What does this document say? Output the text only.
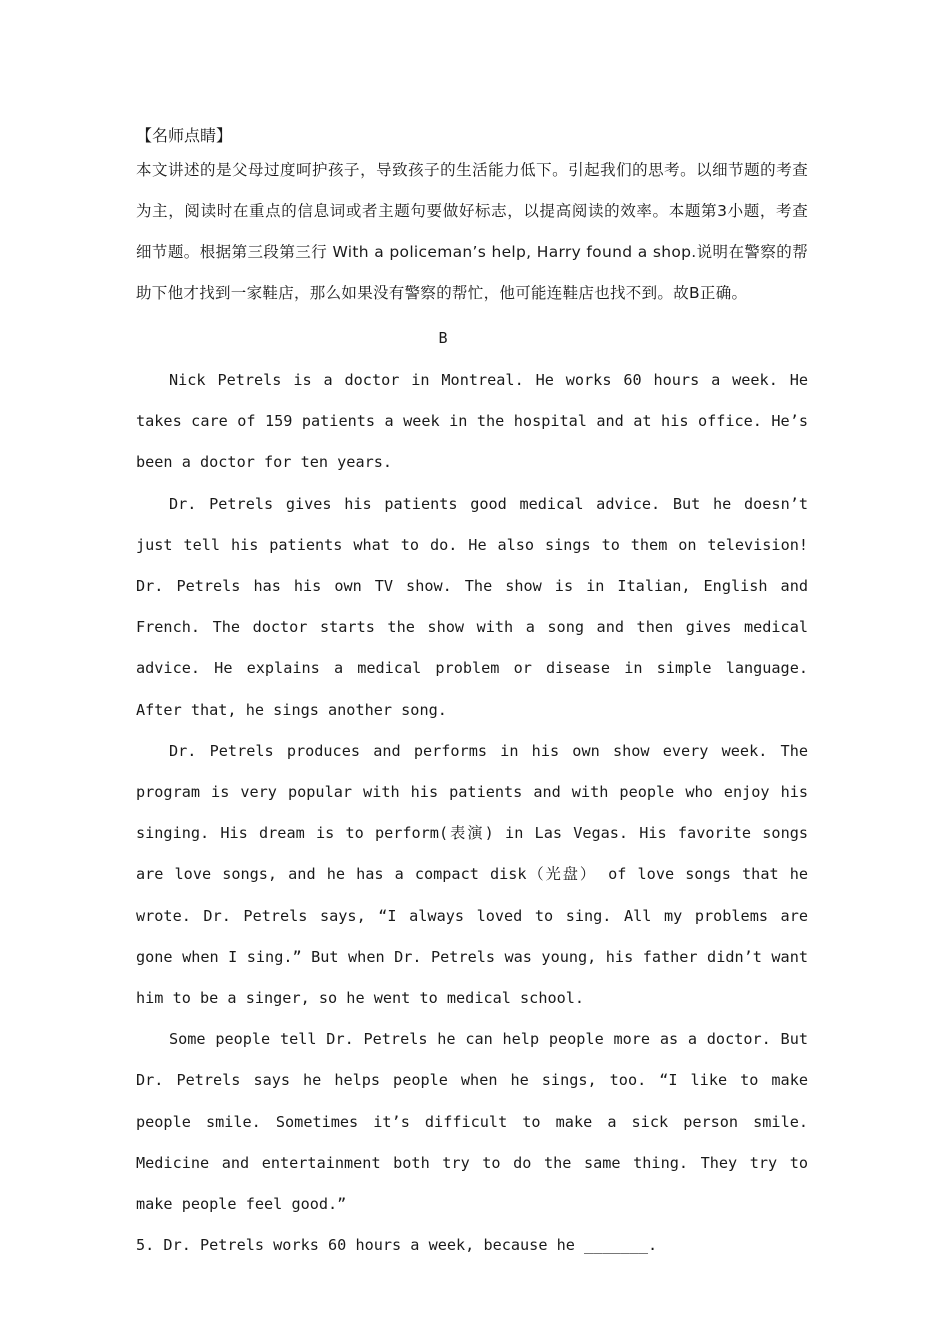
【名师点睛】

本文讲述的是父母过度呵护孩子，导致孩子的生活能力低下。引起我们的思考。以细节题的考查为主，阅读时在重点的信息词或者主题句要做好标志，以提高阅读的效率。本题第3小题，考查细节题。根据第三段第三行 With a policeman’s help, Harry found a shop.说明在警察的帮助下他才找到一家鞋店，那么如果没有警察的帮忙，他可能连鞋店也找不到。故B正确。

B

Nick Petrels is a doctor in Montreal. He works 60 hours a week. He takes care of 159 patients a week in the hospital and at his office. He’s been a doctor for ten years.

Dr. Petrels gives his patients good medical advice. But he doesn’t just tell his patients what to do. He also sings to them on television! Dr. Petrels has his own TV show. The show is in Italian, English and French. The doctor starts the show with a song and then gives medical advice. He explains a medical problem or disease in simple language. After that, he sings another song.

Dr. Petrels produces and performs in his own show every week. The program is very popular with his patients and with people who enjoy his singing. His dream is to perform(表演) in Las Vegas. His favorite songs are love songs, and he has a compact disk（光盘） of love songs that he wrote. Dr. Petrels says, “I always loved to sing. All my problems are gone when I sing.” But when Dr. Petrels was young, his father didn’t want him to be a singer, so he went to medical school.

Some people tell Dr. Petrels he can help people more as a doctor. But Dr. Petrels says he helps people when he sings, too. “I like to make people smile. Sometimes it’s difficult to make a sick person smile. Medicine and entertainment both try to do the same thing. They try to make people feel good.”

5. Dr. Petrels works 60 hours a week, because he _______.
